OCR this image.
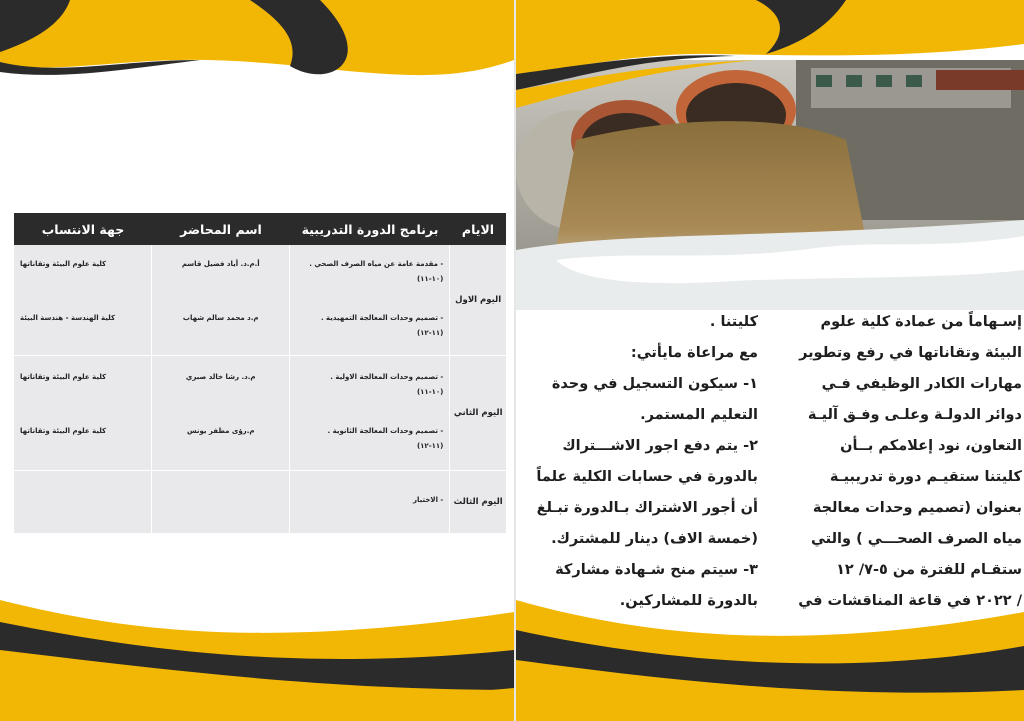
الايام
برنامج الدورة التدريبية
اسم المحاضر
جهة الانتساب
اليوم الاول
- مقدمة عامة عن مياه الصرف الصحي .
(١٠-١١)
- تصميم وحدات المعالجة التمهيدية .
(١١-١٢)
أ.م.د. أياد فضيل قاسم
م.د محمد سالم شهاب
كلية علوم البيئة وتقاناتها
كلية الهندسة - هندسة البيئة
اليوم الثاني
- تصميم وحدات المعالجة الاولية .
(١٠-١١)
- تصميم وحدات المعالجة الثانوية .
(١١-١٢)
م.د. رشا خالد صبري
م.رؤى مظفر يونس
كلية علوم البيئة وتقاناتها
كلية علوم البيئة وتقاناتها
اليوم الثالث
- الاختبار
إسـهاماً من عمادة كلية علوم
البيئة وتقاناتها في رفع وتطوير
مهارات الكادر الوظيفي فـي
دوائر الدولـة وعلـى وفـق آليـة
التعاون، نود إعلامكم بــأن
كليتنا ستقيـم دورة تدريبيـة
بعنوان (تصميم وحدات معالجة
مياه الصرف الصحـــي ) والتي
ستقـام للفترة من ٥-٧/ ١٢
/ ٢٠٢٢ في قاعة المناقشات في
كليتنا .
مع مراعاة مايأتي:
١- سيكون التسجيل في وحدة
التعليم المستمر.
٢- يتم دفع اجور الاشـــتراك
بالدورة في حسابات الكلية علماً
أن أجور الاشتراك بـالدورة تبـلغ
(خمسة الاف) دينار للمشترك.
٣- سيتم منح شـهادة مشاركة
بالدورة للمشاركين.
